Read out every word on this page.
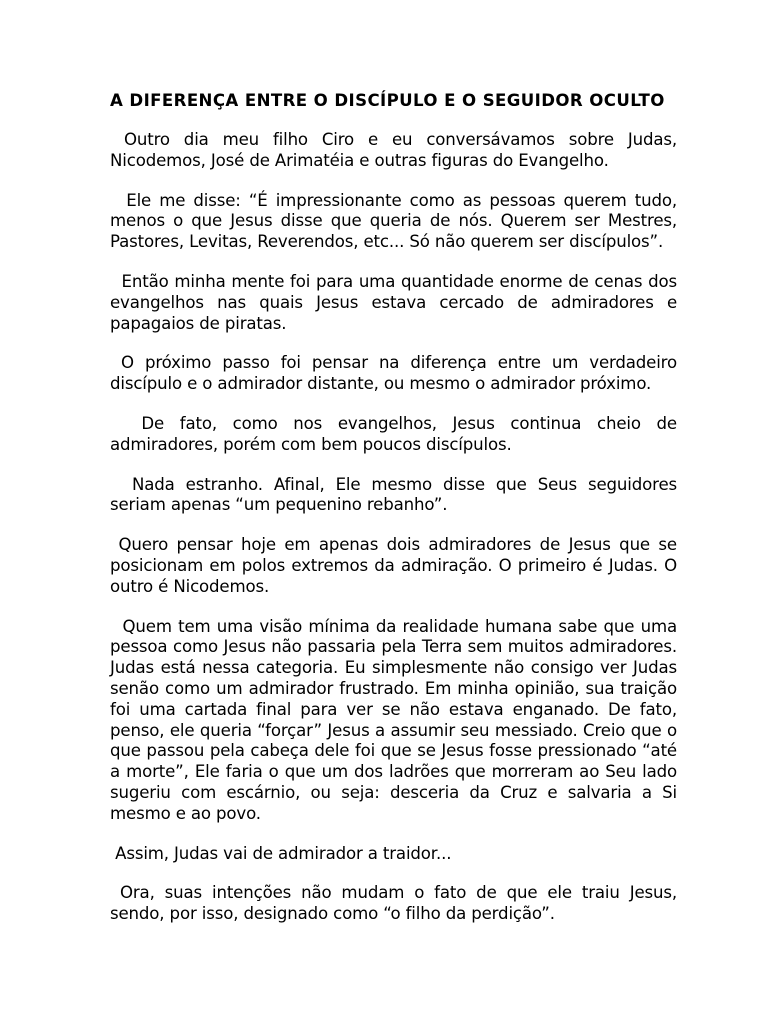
A DIFERENÇA ENTRE O DISCÍPULO E O SEGUIDOR OCULTO

Outro dia meu filho Ciro e eu conversávamos sobre Judas, Nicodemos, José de Arimatéia e outras figuras do Evangelho.

Ele me disse: “É impressionante como as pessoas querem tudo, menos o que Jesus disse que queria de nós. Querem ser Mestres, Pastores, Levitas, Reverendos, etc... Só não querem ser discípulos”.

Então minha mente foi para uma quantidade enorme de cenas dos evangelhos nas quais Jesus estava cercado de admiradores e papagaios de piratas.

O próximo passo foi pensar na diferença entre um verdadeiro discípulo e o admirador distante, ou mesmo o admirador próximo.

De fato, como nos evangelhos, Jesus continua cheio de admiradores, porém com bem poucos discípulos.

Nada estranho. Afinal, Ele mesmo disse que Seus seguidores seriam apenas “um pequenino rebanho”.

Quero pensar hoje em apenas dois admiradores de Jesus que se posicionam em polos extremos da admiração. O primeiro é Judas. O outro é Nicodemos.

Quem tem uma visão mínima da realidade humana sabe que uma pessoa como Jesus não passaria pela Terra sem muitos admiradores. Judas está nessa categoria. Eu simplesmente não consigo ver Judas senão como um admirador frustrado. Em minha opinião, sua traição foi uma cartada final para ver se não estava enganado. De fato, penso, ele queria “forçar” Jesus a assumir seu messiado. Creio que o que passou pela cabeça dele foi que se Jesus fosse pressionado “até a morte”, Ele faria o que um dos ladrões que morreram ao Seu lado sugeriu com escárnio, ou seja: desceria da Cruz e salvaria a Si mesmo e ao povo.

Assim, Judas vai de admirador a traidor...

Ora, suas intenções não mudam o fato de que ele traiu Jesus, sendo, por isso, designado como “o filho da perdição”.
